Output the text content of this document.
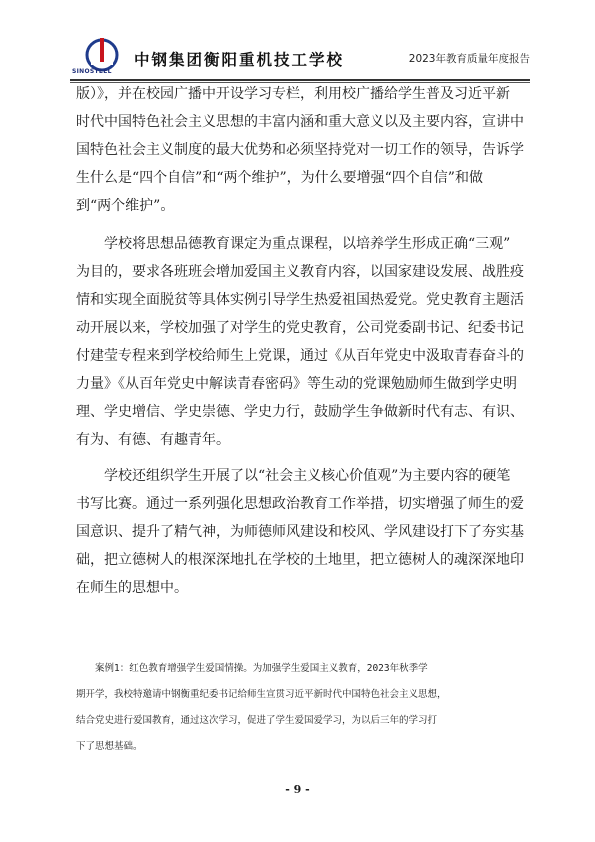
SINOSTEEL
中钢集团衡阳重机技工学校	2023年教育质量年度报告

版）》，并在校园广播中开设学习专栏，利用校广播给学生普及习近平新
时代中国特色社会主义思想的丰富内涵和重大意义以及主要内容，宣讲中
国特色社会主义制度的最大优势和必须坚持党对一切工作的领导，告诉学
生什么是“四个自信”和“两个维护”，为什么要增强“四个自信”和做
到“两个维护”。

　　学校将思想品德教育课定为重点课程，以培养学生形成正确“三观”
为目的，要求各班班会增加爱国主义教育内容，以国家建设发展、战胜疫
情和实现全面脱贫等具体实例引导学生热爱祖国热爱党。党史教育主题活
动开展以来，学校加强了对学生的党史教育，公司党委副书记、纪委书记
付建莹专程来到学校给师生上党课，通过《从百年党史中汲取青春奋斗的
力量》《从百年党史中解读青春密码》等生动的党课勉励师生做到学史明
理、学史增信、学史崇德、学史力行，鼓励学生争做新时代有志、有识、
有为、有德、有趣青年。

　　学校还组织学生开展了以“社会主义核心价值观”为主要内容的硬笔
书写比赛。通过一系列强化思想政治教育工作举措，切实增强了师生的爱
国意识、提升了精气神，为师德师风建设和校风、学风建设打下了夯实基
础，把立德树人的根深深地扎在学校的土地里，把立德树人的魂深深地印
在师生的思想中。

　　案例1：红色教育增强学生爱国情操。为加强学生爱国主义教育，2023年秋季学
期开学，我校特邀请中钢衡重纪委书记给师生宣贯习近平新时代中国特色社会主义思想，
结合党史进行爱国教育，通过这次学习，促进了学生爱国爱学习，为以后三年的学习打
下了思想基础。
- 9 -
